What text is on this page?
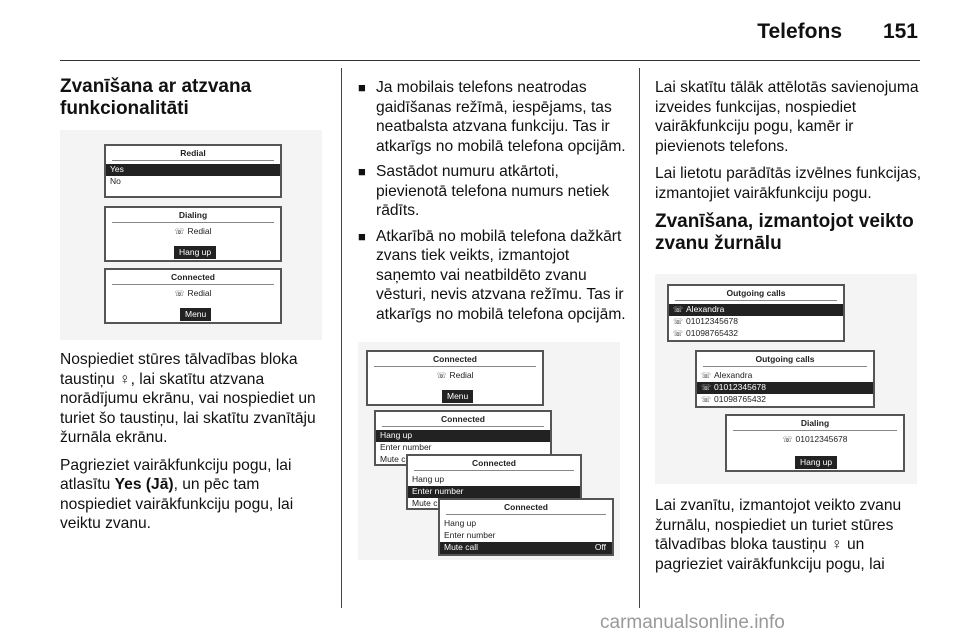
Telefons 151
Zvanīšana ar atzvana funkcionalitāti
Redial
Yes
No
Dialing
☏ Redial
Hang up
Connected
☏ Redial
Menu

Nospiediet stūres tālvadības bloka taustiņu ♀, lai skatītu atzvana norādījumu ekrānu, vai nospiediet un turiet šo taustiņu, lai skatītu zvanītāju žurnāla ekrānu.

Pagrieziet vairākfunkciju pogu, lai atlasītu Yes (Jā), un pēc tam nospiediet vairākfunkciju pogu, lai veiktu zvanu.

■ Ja mobilais telefons neatrodas gaidīšanas režīmā, iespējams, tas neatbalsta atzvana funkciju. Tas ir atkarīgs no mobilā telefona opcijām.
■ Sastādot numuru atkārtoti, pievienotā telefona numurs netiek rādīts.
■ Atkarībā no mobilā telefona dažkārt zvans tiek veikts, izmantojot saņemto vai neatbildēto zvanu vēsturi, nevis atzvana režīmu. Tas ir atkarīgs no mobilā telefona opcijām.
Connected
☏ Redial
Menu
Connected
Hang up
Enter number
Mute c	Connected
Hang up
Enter number
Mute c	Connected
Hang up
Enter number
Mute call	Off

Lai skatītu tālāk attēlotās savienojuma izveides funkcijas, nospiediet vairākfunkciju pogu, kamēr ir pievienots telefons.

Lai lietotu parādītās izvēlnes funkcijas, izmantojiet vairākfunkciju pogu.

Zvanīšana, izmantojot veikto zvanu žurnālu
Outgoing calls
☏ Alexandra
☏ 01012345678
☏ 01098765432
Outgoing calls
☏ Alexandra
☏ 01012345678
☏ 01098765432
Dialing
☏ 01012345678
Hang up

Lai zvanītu, izmantojot veikto zvanu žurnālu, nospiediet un turiet stūres tālvadības bloka taustiņu ♀ un pagrieziet vairākfunkciju pogu, lai

carmanualsonline.info
